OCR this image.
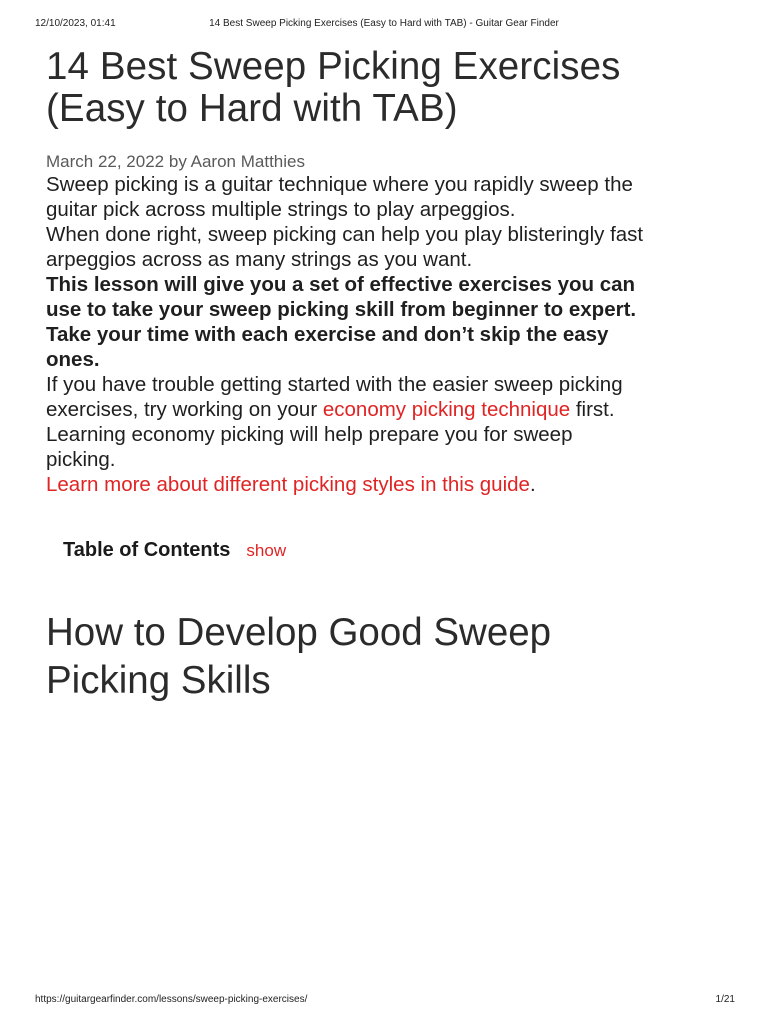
12/10/2023, 01:41	14 Best Sweep Picking Exercises (Easy to Hard with TAB) - Guitar Gear Finder
14 Best Sweep Picking Exercises
(Easy to Hard with TAB)
March 22, 2022 by Aaron Matthies

Sweep picking is a guitar technique where you rapidly sweep the
guitar pick across multiple strings to play arpeggios.

When done right, sweep picking can help you play blisteringly fast
arpeggios across as many strings as you want.

This lesson will give you a set of effective exercises you can
use to take your sweep picking skill from beginner to expert.

Take your time with each exercise and don’t skip the easy
ones.

If you have trouble getting started with the easier sweep picking
exercises, try working on your economy picking technique first.
Learning economy picking will help prepare you for sweep
picking.

Learn more about different picking styles in this guide.

Table of Contents show
How to Develop Good Sweep
Picking Skills
https://guitargearfinder.com/lessons/sweep-picking-exercises/	1/21
